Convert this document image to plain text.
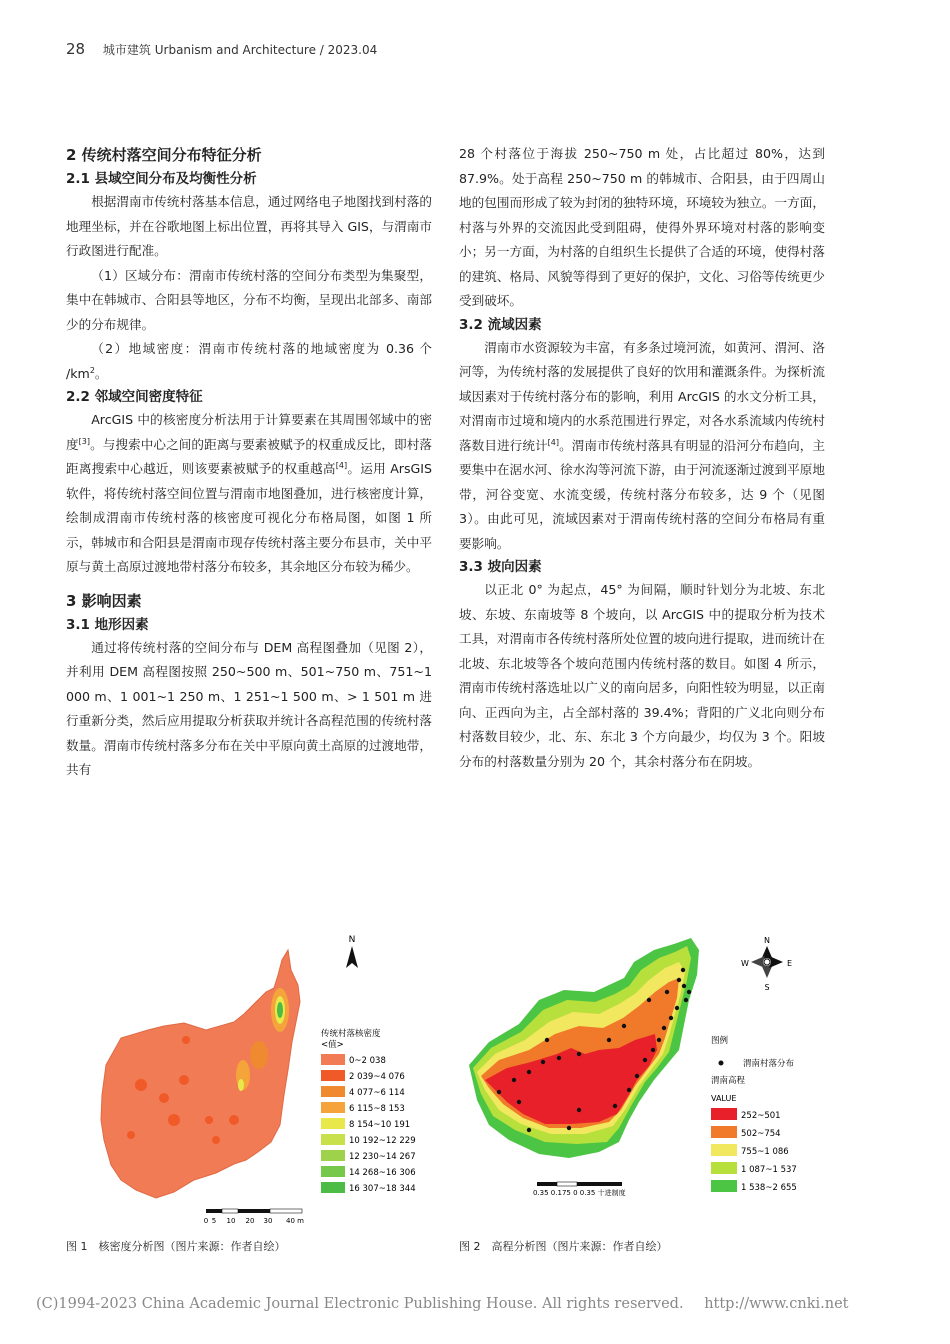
28 城市建筑 Urbanism and Architecture / 2023.04
2 传统村落空间分布特征分析
2.1 县域空间分布及均衡性分析

根据渭南市传统村落基本信息，通过网络电子地图找到村落的地理坐标，并在谷歌地图上标出位置，再将其导入 GIS，与渭南市行政图进行配准。

（1）区域分布：渭南市传统村落的空间分布类型为集聚型，集中在韩城市、合阳县等地区，分布不均衡，呈现出北部多、南部少的分布规律。

（2）地域密度：渭南市传统村落的地域密度为 0.36 个 $/km^2$。

2.2 邻域空间密度特征

ArcGIS 中的核密度分析法用于计算要素在其周围邻域中的密度[3]。与搜索中心之间的距离与要素被赋予的权重成反比，即村落距离搜索中心越近，则该要素被赋予的权重越高[4]。运用 ArsGIS 软件，将传统村落空间位置与渭南市地图叠加，进行核密度计算，绘制成渭南市传统村落的核密度可视化分布格局图，如图 1 所示，韩城市和合阳县是渭南市现存传统村落主要分布县市，关中平原与黄土高原过渡地带村落分布较多，其余地区分布较为稀少。

3 影响因素
3.1 地形因素

通过将传统村落的空间分布与 DEM 高程图叠加（见图 2），并利用 DEM 高程图按照 250~500 m、501~750 m、751~1 000 m、1 001~1 250 m、1 251~1 500 m、> 1 501 m 进行重新分类，然后应用提取分析获取并统计各高程范围的传统村落数量。渭南市传统村落多分布在关中平原向黄土高原的过渡地带，共有

28 个村落位于海拔 250~750 m 处，占比超过 80%，达到 87.9%。处于高程 250~750 m 的韩城市、合阳县，由于四周山地的包围而形成了较为封闭的独特环境，环境较为独立。一方面，村落与外界的交流因此受到阻碍，使得外界环境对村落的影响变小；另一方面，为村落的自组织生长提供了合适的环境，使得村落的建筑、格局、风貌等得到了更好的保护，文化、习俗等传统更少受到破坏。

3.2 流域因素

渭南市水资源较为丰富，有多条过境河流，如黄河、渭河、洛河等，为传统村落的发展提供了良好的饮用和灌溉条件。为探析流域因素对于传统村落分布的影响，利用 ArcGIS 的水文分析工具，对渭南市过境和境内的水系范围进行界定，对各水系流域内传统村落数目进行统计[4]。渭南市传统村落具有明显的沿河分布趋向，主要集中在涺水河、徐水沟等河流下游，由于河流逐渐过渡到平原地带，河谷变宽、水流变缓，传统村落分布较多，达 9 个（见图 3）。由此可见，流域因素对于渭南传统村落的空间分布格局有重要影响。

3.3 坡向因素

以正北 0° 为起点，45° 为间隔，顺时针划分为北坡、东北坡、东坡、东南坡等 8 个坡向，以 ArcGIS 中的提取分析为技术工具，对渭南市各传统村落所处位置的坡向进行提取，进而统计在北坡、东北坡等各个坡向范围内传统村落的数目。如图 4 所示，渭南市传统村落选址以广义的南向居多，向阳性较为明显，以正南向、正西向为主，占全部村落的 39.4%；背阳的广义北向则分布村落数目较少，北、东、东北 3 个方向最少，均仅为 3 个。阳坡分布的村落数量分别为 20 个，其余村落分布在阴坡。

N
传统村落核密度
<值>
0~2 038
2 039~4 076
4 077~6 114
6 115~8 153
8 154~10 191
10 192~12 229
12 230~14 267
14 268~16 306
16 307~18 344
0 5 10 20 30 40 m
N
E
S
W
图例
渭南村落分布
渭南高程
VALUE
252~501
502~754
755~1 086
1 087~1 537
1 538~2 655
0.35 0.175 0 0.35 十进制度
图 1　核密度分析图（图片来源：作者自绘）	图 2　高程分析图（图片来源：作者自绘）
(C)1994-2023 China Academic Journal Electronic Publishing House. All rights reserved. http://www.cnki.net
